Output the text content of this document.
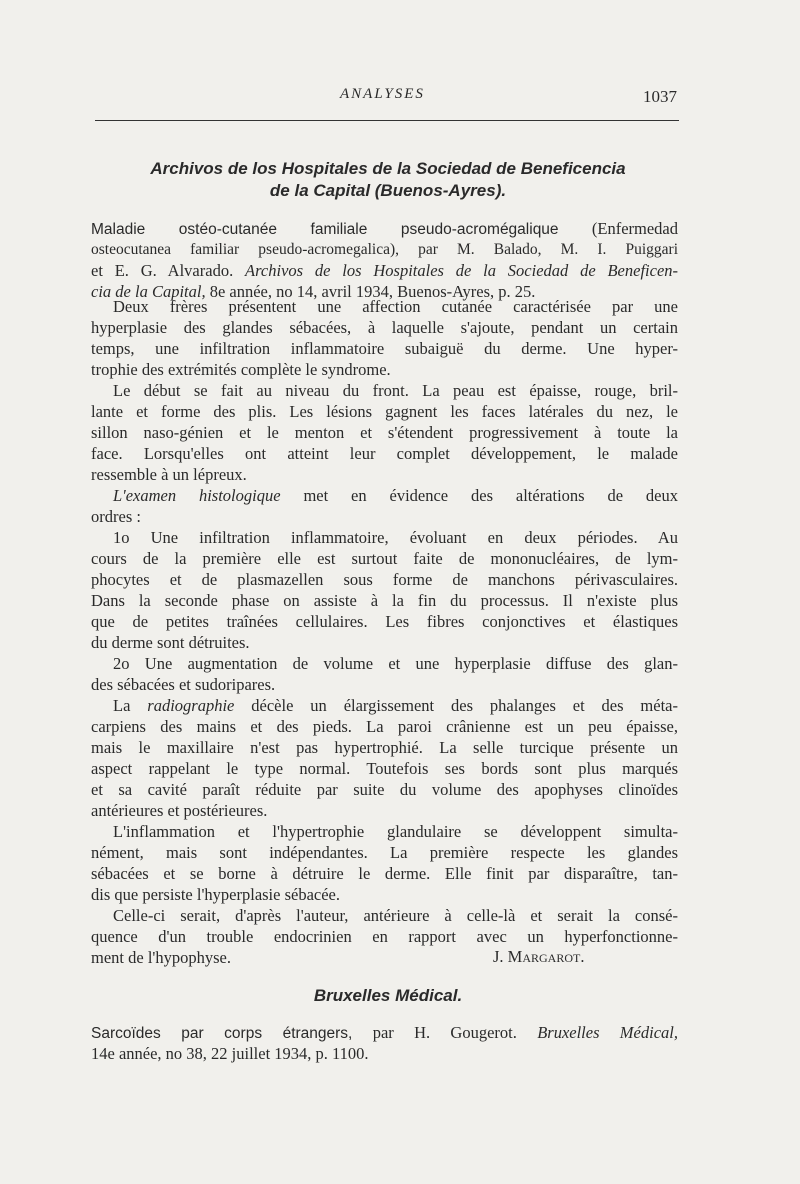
ANALYSES	1037
Archivos de los Hospitales de la Sociedad de Beneficencia
de la Capital (Buenos-Ayres).
Maladie ostéo-cutanée familiale pseudo-acromégalique (Enfermedad
osteocutanea familiar pseudo-acromegalica), par M. Balado, M. I. Puiggari
et E. G. Alvarado. Archivos de los Hospitales de la Sociedad de Beneficen-
cia de la Capital, 8e année, no 14, avril 1934, Buenos-Ayres, p. 25.
Deux frères présentent une affection cutanée caractérisée par une
hyperplasie des glandes sébacées, à laquelle s'ajoute, pendant un certain
temps, une infiltration inflammatoire subaiguë du derme. Une hyper-
trophie des extrémités complète le syndrome.
Le début se fait au niveau du front. La peau est épaisse, rouge, bril-
lante et forme des plis. Les lésions gagnent les faces latérales du nez, le
sillon naso-génien et le menton et s'étendent progressivement à toute la
face. Lorsqu'elles ont atteint leur complet développement, le malade
ressemble à un lépreux.
L'examen histologique met en évidence des altérations de deux
ordres :
1o Une infiltration inflammatoire, évoluant en deux périodes. Au
cours de la première elle est surtout faite de mononucléaires, de lym-
phocytes et de plasmazellen sous forme de manchons périvasculaires.
Dans la seconde phase on assiste à la fin du processus. Il n'existe plus
que de petites traînées cellulaires. Les fibres conjonctives et élastiques
du derme sont détruites.
2o Une augmentation de volume et une hyperplasie diffuse des glan-
des sébacées et sudoripares.
La radiographie décèle un élargissement des phalanges et des méta-
carpiens des mains et des pieds. La paroi crânienne est un peu épaisse,
mais le maxillaire n'est pas hypertrophié. La selle turcique présente un
aspect rappelant le type normal. Toutefois ses bords sont plus marqués
et sa cavité paraît réduite par suite du volume des apophyses clinoïdes
antérieures et postérieures.
L'inflammation et l'hypertrophie glandulaire se développent simulta-
nément, mais sont indépendantes. La première respecte les glandes
sébacées et se borne à détruire le derme. Elle finit par disparaître, tan-
dis que persiste l'hyperplasie sébacée.
Celle-ci serait, d'après l'auteur, antérieure à celle-là et serait la consé-
quence d'un trouble endocrinien en rapport avec un hyperfonctionne-
ment de l'hypophyse.	J. Margarot.
Bruxelles Médical.
Sarcoïdes par corps étrangers, par H. Gougerot. Bruxelles Médical,
14e année, no 38, 22 juillet 1934, p. 1100.
